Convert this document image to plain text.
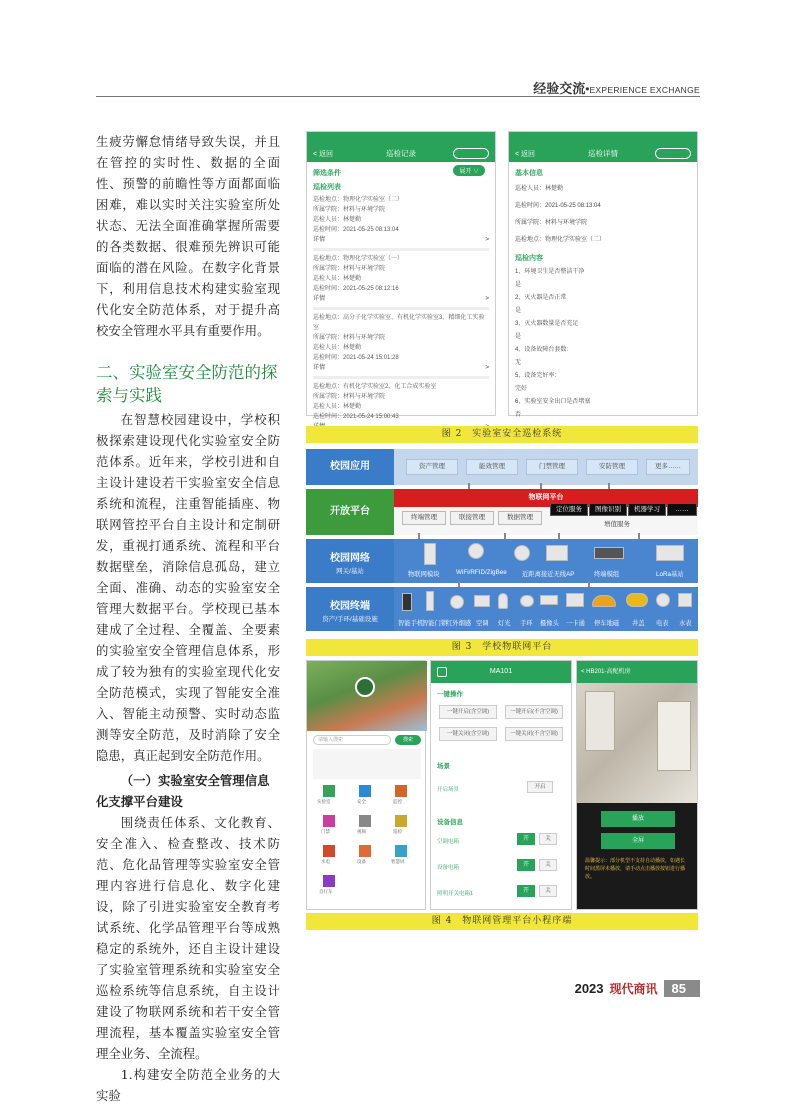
经验交流•EXPERIENCE EXCHANGE

生疲劳懈怠情绪导致失误，并且在管控的实时性、数据的全面性、预警的前瞻性等方面都面临困难，难以实时关注实验室所处状态、无法全面准确掌握所需要的各类数据、很难预先辨识可能面临的潜在风险。在数字化背景下，利用信息技术构建实验室现代化安全防范体系，对于提升高校安全管理水平具有重要作用。

二、实验室安全防范的探索与实践

在智慧校园建设中，学校积极探索建设现代化实验室安全防范体系。近年来，学校引进和自主设计建设若干实验室安全信息系统和流程，注重智能插座、物联网管控平台自主设计和定制研发，重视打通系统、流程和平台数据壁垒，消除信息孤岛，建立全面、准确、动态的实验室安全管理大数据平台。学校现已基本建成了全过程、全覆盖、全要素的实验室安全管理信息体系，形成了较为独有的实验室现代化安全防范模式，实现了智能安全准入、智能主动预警、实时动态监测等安全防范，及时消除了安全隐患，真正起到安全防范作用。

（一）实验室安全管理信息化支撑平台建设

围绕责任体系、文化教育、安全准入、检查整改、技术防范、危化品管理等实验室安全管理内容进行信息化、数字化建设，除了引进实验室安全教育考试系统、化学品管理平台等成熟稳定的系统外，还自主设计建设了实验室管理系统和实验室安全巡检系统等信息系统，自主设计建设了物联网系统和若干安全管理流程，基本覆盖实验室安全管理全业务、全流程。

1.构建安全防范全业务的大实验

< 返回	巡检记录
展开 ∨
筛选条件
巡检列表
巡检地点：物理化学实验室（二）
所属学院：材料与环境学院
巡检人员：林楚勤
巡检时间：2021-05-25 08:13:04
详情	>
巡检地点：物理化学实验室（一）
所属学院：材料与环境学院
巡检人员：林楚勤
巡检时间：2021-05-25 08:12:16
详情	>
巡检地点：高分子化学实验室、有机化学实验室3、精细化工实验室
所属学院：材料与环境学院
巡检人员：林楚勤
巡检时间：2021-05-24 15:01:28
详情	>
巡检地点：有机化学实验室2、化工合成实验室
所属学院：材料与环境学院
巡检人员：林楚勤
巡检时间：2021-05-24 15:00:43
< 返回	巡检详情
基本信息
巡检人员：林楚勤
巡检时间：2021-05-25 08:13:04
所属学院：材料与环境学院
巡检地点：物理化学实验室（二）
巡检内容
1、环境卫生是否整洁干净
是
2、灭火器是否正常
是
3、灭火器数量是否充足
是
4、设备故障台套数：
无
5、设备完好率：
完好
6、实验室安全出口是否堵塞
否
图 2　实验室安全巡检系统
校园应用
开放平台
校园网络
网关/基站
校园终端
资产/手环/基础设施
资产管理	能效管理	门禁管理	安防管理	更多……
物联网平台
终端管理	联接管理	数据管理
定位服务	图像识别	机器学习	……
增值服务
物联网模块	WiFi/RFID/ZigBee 近距离接近无线AP	终端模组	LoRa基站
智能手机
智能门锁
红外烟感 空调 灯光 手环 摄像头 一卡通 停车地磁 井盖 电表 水表
图 3　学校物联网平台
请输入搜索	搜索
实验室	安全	监控
门禁	视频	巡检
水电	设备	智慧屏
自行车
MA101
一键操作
一键开启(含空调)	一键开启(不含空调)
一键关闭(含空调)	一键关闭(不含空调)
场景
开启场景	开启
设备信息
空调电箱	开	关
设备电箱	开	关
照明开关电箱1	开	关
< HB201-高配机房
播放
全屏
温馨提示：部分机型不支持自动播放，如遇长时间黑屏未播放，请手动点击播放按钮进行播放。
图 4　物联网管理平台小程序端
2023 现代商讯	85
